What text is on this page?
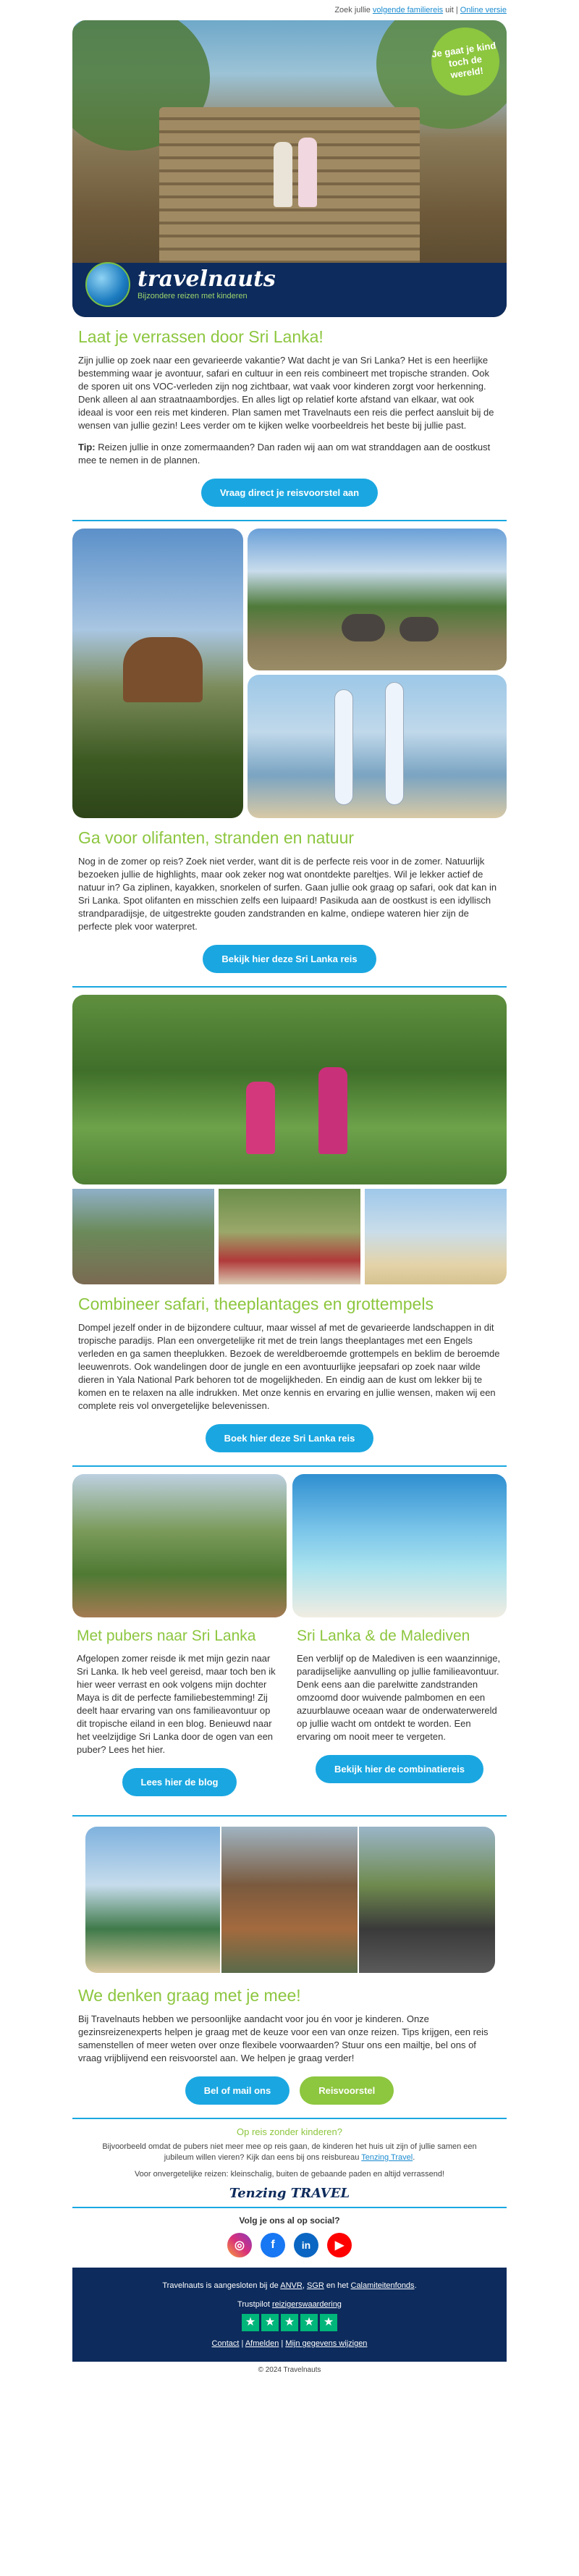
Zoek jullie volgende familiereis uit | Online versie
Je gaat je kind toch de wereld!
travelnauts
Bijzondere reizen met kinderen
Laat je verrassen door Sri Lanka!

Zijn jullie op zoek naar een gevarieerde vakantie? Wat dacht je van Sri Lanka? Het is een heerlijke bestemming waar je avontuur, safari en cultuur in een reis combineert met tropische stranden. Ook de sporen uit ons VOC-verleden zijn nog zichtbaar, wat vaak voor kinderen zorgt voor herkenning. Denk alleen al aan straatnaambordjes. En alles ligt op relatief korte afstand van elkaar, wat ook ideaal is voor een reis met kinderen. Plan samen met Travelnauts een reis die perfect aansluit bij de wensen van jullie gezin! Lees verder om te kijken welke voorbeeldreis het beste bij jullie past.

Tip: Reizen jullie in onze zomermaanden? Dan raden wij aan om wat stranddagen aan de oostkust mee te nemen in de plannen.

Vraag direct je reisvoorstel aan
Ga voor olifanten, stranden en natuur

Nog in de zomer op reis? Zoek niet verder, want dit is de perfecte reis voor in de zomer. Natuurlijk bezoeken jullie de highlights, maar ook zeker nog wat onontdekte pareltjes. Wil je lekker actief de natuur in? Ga ziplinen, kayakken, snorkelen of surfen. Gaan jullie ook graag op safari, ook dat kan in Sri Lanka. Spot olifanten en misschien zelfs een luipaard! Pasikuda aan de oostkust is een idyllisch strandparadijsje, de uitgestrekte gouden zandstranden en kalme, ondiepe wateren hier zijn de perfecte plek voor waterpret.

Bekijk hier deze Sri Lanka reis
Combineer safari, theeplantages en grottempels

Dompel jezelf onder in de bijzondere cultuur, maar wissel af met de gevarieerde landschappen in dit tropische paradijs. Plan een onvergetelijke rit met de trein langs theeplantages met een Engels verleden en ga samen theeplukken. Bezoek de wereldberoemde grottempels en beklim de beroemde leeuwenrots. Ook wandelingen door de jungle en een avontuurlijke jeepsafari op zoek naar wilde dieren in Yala National Park behoren tot de mogelijkheden. En eindig aan de kust om lekker bij te komen en te relaxen na alle indrukken. Met onze kennis en ervaring en jullie wensen, maken wij een complete reis vol onvergetelijke belevenissen.

Boek hier deze Sri Lanka reis
Met pubers naar Sri Lanka

Afgelopen zomer reisde ik met mijn gezin naar Sri Lanka. Ik heb veel gereisd, maar toch ben ik hier weer verrast en ook volgens mijn dochter Maya is dit de perfecte familiebestemming! Zij deelt haar ervaring van ons familieavontuur op dit tropische eiland in een blog. Benieuwd naar het veelzijdige Sri Lanka door de ogen van een puber? Lees het hier.

Lees hier de blog
Sri Lanka & de Malediven

Een verblijf op de Malediven is een waanzinnige, paradijselijke aanvulling op jullie familieavontuur. Denk eens aan die parelwitte zandstranden omzoomd door wuivende palmbomen en een azuurblauwe oceaan waar de onderwaterwereld op jullie wacht om ontdekt te worden. Een ervaring om nooit meer te vergeten.

Bekijk hier de combinatiereis
We denken graag met je mee!

Bij Travelnauts hebben we persoonlijke aandacht voor jou én voor je kinderen. Onze gezinsreizenexperts helpen je graag met de keuze voor een van onze reizen. Tips krijgen, een reis samenstellen of meer weten over onze flexibele voorwaarden? Stuur ons een mailtje, bel ons of vraag vrijblijvend een reisvoorstel aan. We helpen je graag verder!

Bel of mail ons	Reisvoorstel
Op reis zonder kinderen?

Bijvoorbeeld omdat de pubers niet meer mee op reis gaan, de kinderen het huis uit zijn of jullie samen een jubileum willen vieren? Kijk dan eens bij ons reisbureau Tenzing Travel.

Voor onvergetelijke reizen: kleinschalig, buiten de gebaande paden en altijd verrassend!

Tenzing TRAVEL
Volg je ons al op social?
◎	f	in	▶
Travelnauts is aangesloten bij de ANVR, SGR en het Calamiteitenfonds.
Trustpilot reizigerswaardering
★ ★ ★ ★ ★
Contact | Afmelden | Mijn gegevens wijzigen
© 2024 Travelnauts
